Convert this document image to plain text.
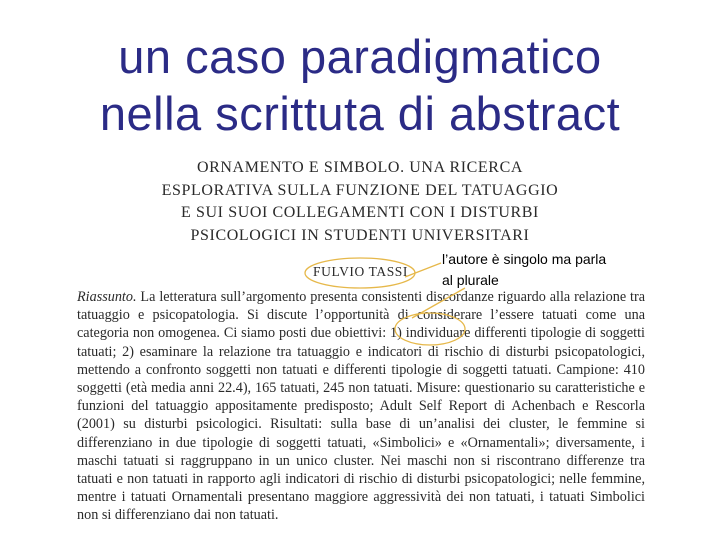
un caso paradigmatico
nella scrittuta di abstract
ORNAMENTO E SIMBOLO. UNA RICERCA
ESPLORATIVA SULLA FUNZIONE DEL TATUAGGIO
E SUI SUOI COLLEGAMENTI CON I DISTURBI
PSICOLOGICI IN STUDENTI UNIVERSITARI
FULVIO TASSI
l’autore è singolo ma parla
al plurale
Riassunto. La letteratura sull’argomento presenta consistenti discordanze riguardo alla relazione tra tatuaggio e psicopatologia. Si discute l’opportunità di considerare l’essere tatuati come una categoria non omogenea. Ci siamo posti due obiettivi: 1) individuare differenti tipologie di soggetti tatuati; 2) esaminare la relazione tra tatuaggio e indicatori di rischio di disturbi psicopatologici, mettendo a confronto soggetti non tatuati e differenti tipologie di soggetti tatuati. Campione: 410 soggetti (età media anni 22.4), 165 tatuati, 245 non tatuati. Misure: questionario su caratteristiche e funzioni del tatuaggio appositamente predisposto; Adult Self Report di Achenbach e Rescorla (2001) su disturbi psicologici. Risultati: sulla base di un’analisi dei cluster, le femmine si differenziano in due tipologie di soggetti tatuati, «Simbolici» e «Ornamentali»; diversamente, i maschi tatuati si raggruppano in un unico cluster. Nei maschi non si riscontrano differenze tra tatuati e non tatuati in rapporto agli indicatori di rischio di disturbi psicopatologici; nelle femmine, mentre i tatuati Ornamentali presentano maggiore aggressività dei non tatuati, i tatuati Simbolici non si differenziano dai non tatuati.
